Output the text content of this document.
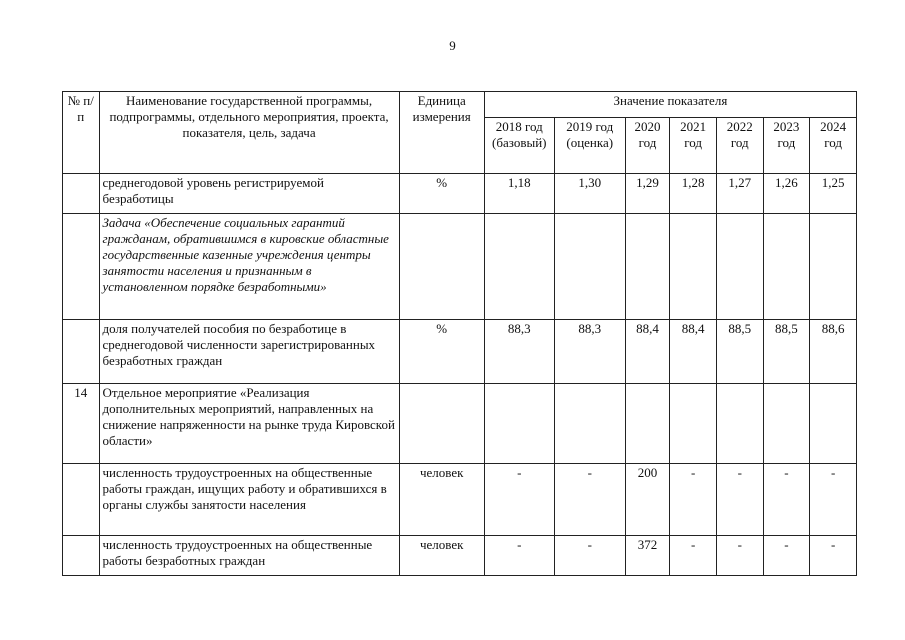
9
№ п/п	Наименование государственной программы, подпрограммы, отдельного мероприятия, проекта, показателя, цель, задача	Единица измерения	Значение показателя						
			2018 год (базовый)	2019 год (оценка)	2020 год	2021 год	2022 год	2023 год	2024 год
	среднегодовой уровень регистрируемой безработицы	%	1,18	1,30	1,29	1,28	1,27	1,26	1,25
	Задача «Обеспечение социальных гарантий гражданам, обратившимся в кировские областные государственные казенные учреждения центры занятости населения и признанным в установленном порядке безработными»								
	доля получателей пособия по безработице в среднегодовой численности зарегистрированных безработных граждан	%	88,3	88,3	88,4	88,4	88,5	88,5	88,6
14	Отдельное мероприятие «Реализация дополнительных мероприятий, направленных на снижение напряженности на рынке труда Кировской области»								
	численность трудоустроенных на общественные работы граждан, ищущих работу и обратившихся в органы службы занятости населения	человек	-	-	200	-	-	-	-
	численность трудоустроенных на общественные работы безработных граждан	человек	-	-	372	-	-	-	-
